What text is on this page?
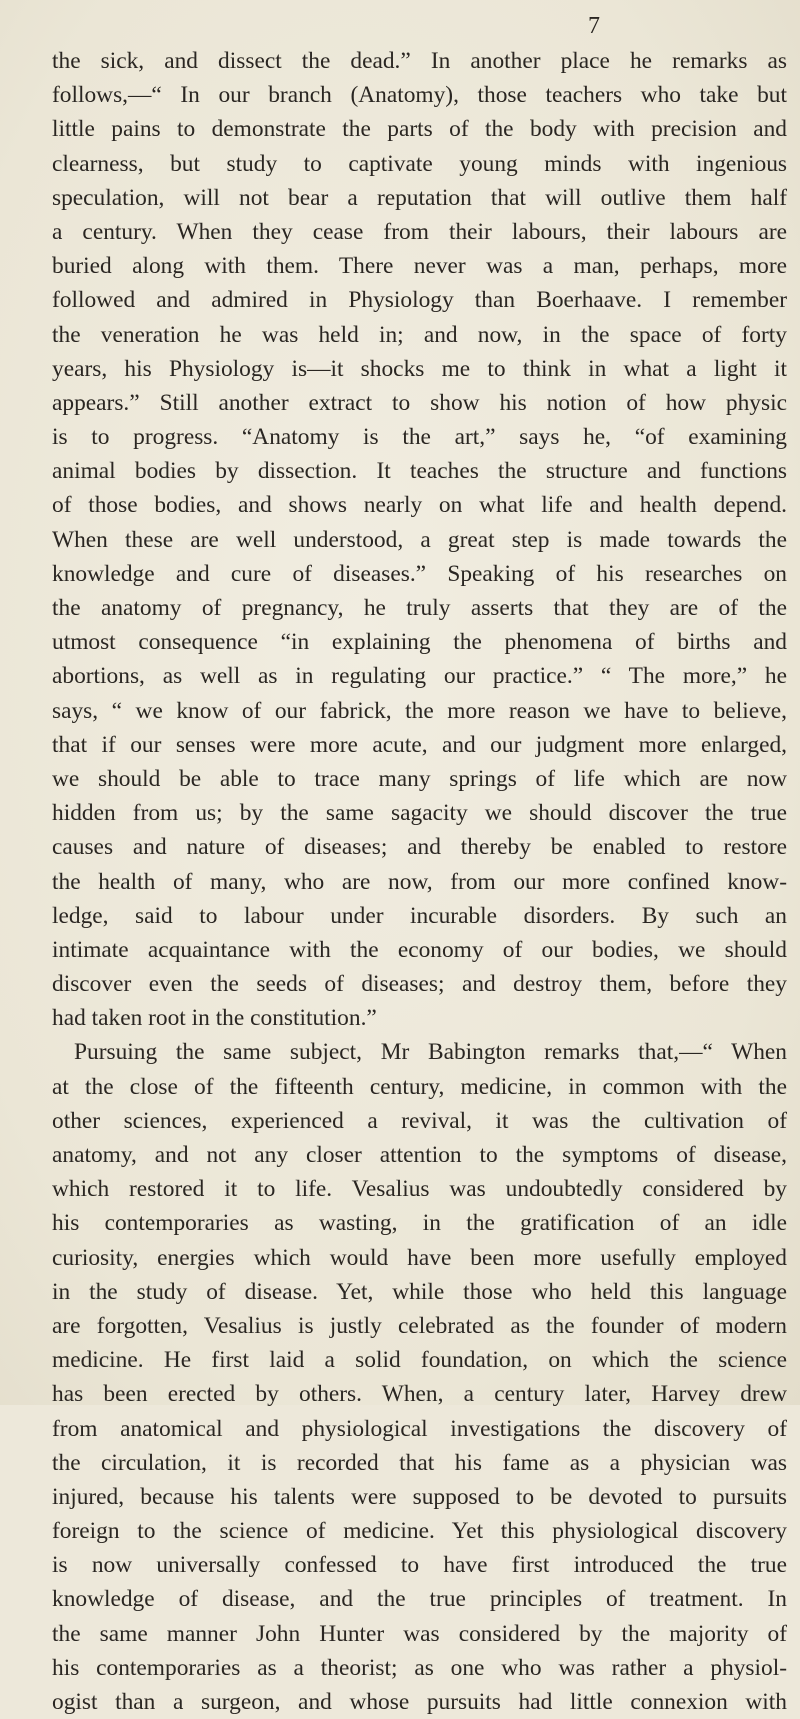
7
the sick, and dissect the dead.” In another place he remarks as
follows,—“ In our branch (Anatomy), those teachers who take but
little pains to demonstrate the parts of the body with precision and
clearness, but study to captivate young minds with ingenious
speculation, will not bear a reputation that will outlive them half
a century. When they cease from their labours, their labours are
buried along with them. There never was a man, perhaps, more
followed and admired in Physiology than Boerhaave. I remember
the veneration he was held in; and now, in the space of forty
years, his Physiology is—it shocks me to think in what a light it
appears.” Still another extract to show his notion of how physic
is to progress. “Anatomy is the art,” says he, “of examining
animal bodies by dissection. It teaches the structure and functions
of those bodies, and shows nearly on what life and health depend.
When these are well understood, a great step is made towards the
knowledge and cure of diseases.” Speaking of his researches on
the anatomy of pregnancy, he truly asserts that they are of the
utmost consequence “in explaining the phenomena of births and
abortions, as well as in regulating our practice.” “ The more,” he
says, “ we know of our fabrick, the more reason we have to believe,
that if our senses were more acute, and our judgment more enlarged,
we should be able to trace many springs of life which are now
hidden from us; by the same sagacity we should discover the true
causes and nature of diseases; and thereby be enabled to restore
the health of many, who are now, from our more confined know-
ledge, said to labour under incurable disorders. By such an
intimate acquaintance with the economy of our bodies, we should
discover even the seeds of diseases; and destroy them, before they
had taken root in the constitution.”
Pursuing the same subject, Mr Babington remarks that,—“ When
at the close of the fifteenth century, medicine, in common with the
other sciences, experienced a revival, it was the cultivation of
anatomy, and not any closer attention to the symptoms of disease,
which restored it to life. Vesalius was undoubtedly considered by
his contemporaries as wasting, in the gratification of an idle
curiosity, energies which would have been more usefully employed
in the study of disease. Yet, while those who held this language
are forgotten, Vesalius is justly celebrated as the founder of modern
medicine. He first laid a solid foundation, on which the science
has been erected by others. When, a century later, Harvey drew
from anatomical and physiological investigations the discovery of
the circulation, it is recorded that his fame as a physician was
injured, because his talents were supposed to be devoted to pursuits
foreign to the science of medicine. Yet this physiological discovery
is now universally confessed to have first introduced the true
knowledge of disease, and the true principles of treatment. In
the same manner John Hunter was considered by the majority of
his contemporaries as a theorist; as one who was rather a physiol-
ogist than a surgeon, and whose pursuits had little connexion with
